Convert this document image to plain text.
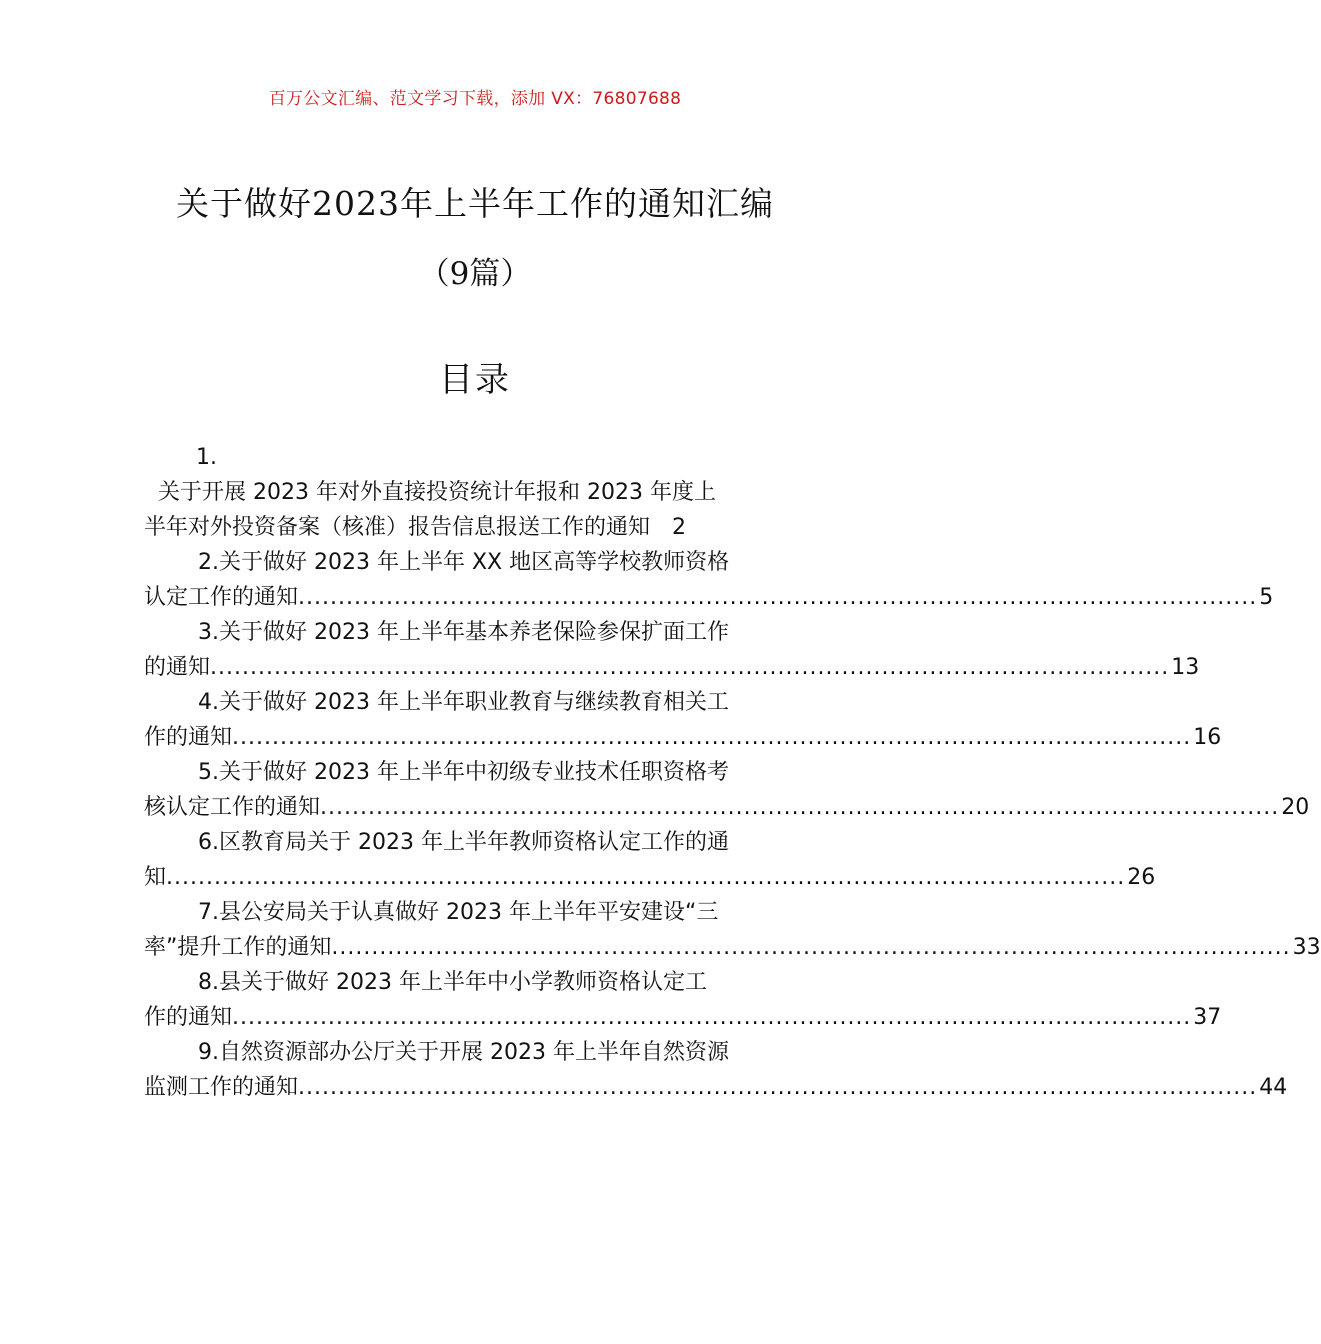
百万公文汇编、范文学习下载，添加 VX：76807688
关于做好2023年上半年工作的通知汇编
（9篇）
目录
1.
关于开展 2023 年对外直接投资统计年报和 2023 年度上
半年对外投资备案（核准）报告信息报送工作的通知	2
2.关于做好 2023 年上半年 XX 地区高等学校教师资格
认定工作的通知 ........................................................................................................................ 5
3.关于做好 2023 年上半年基本养老保险参保扩面工作
的通知 ........................................................................................................................ 13
4.关于做好 2023 年上半年职业教育与继续教育相关工
作的通知 ........................................................................................................................ 16
5.关于做好 2023 年上半年中初级专业技术任职资格考
核认定工作的通知 ........................................................................................................................ 20
6.区教育局关于 2023 年上半年教师资格认定工作的通
知 ........................................................................................................................ 26
7.县公安局关于认真做好 2023 年上半年平安建设“三
率”提升工作的通知 ........................................................................................................................ 33
8.县关于做好 2023 年上半年中小学教师资格认定工
作的通知 ........................................................................................................................ 37
9.自然资源部办公厅关于开展 2023 年上半年自然资源
监测工作的通知 ........................................................................................................................ 44
